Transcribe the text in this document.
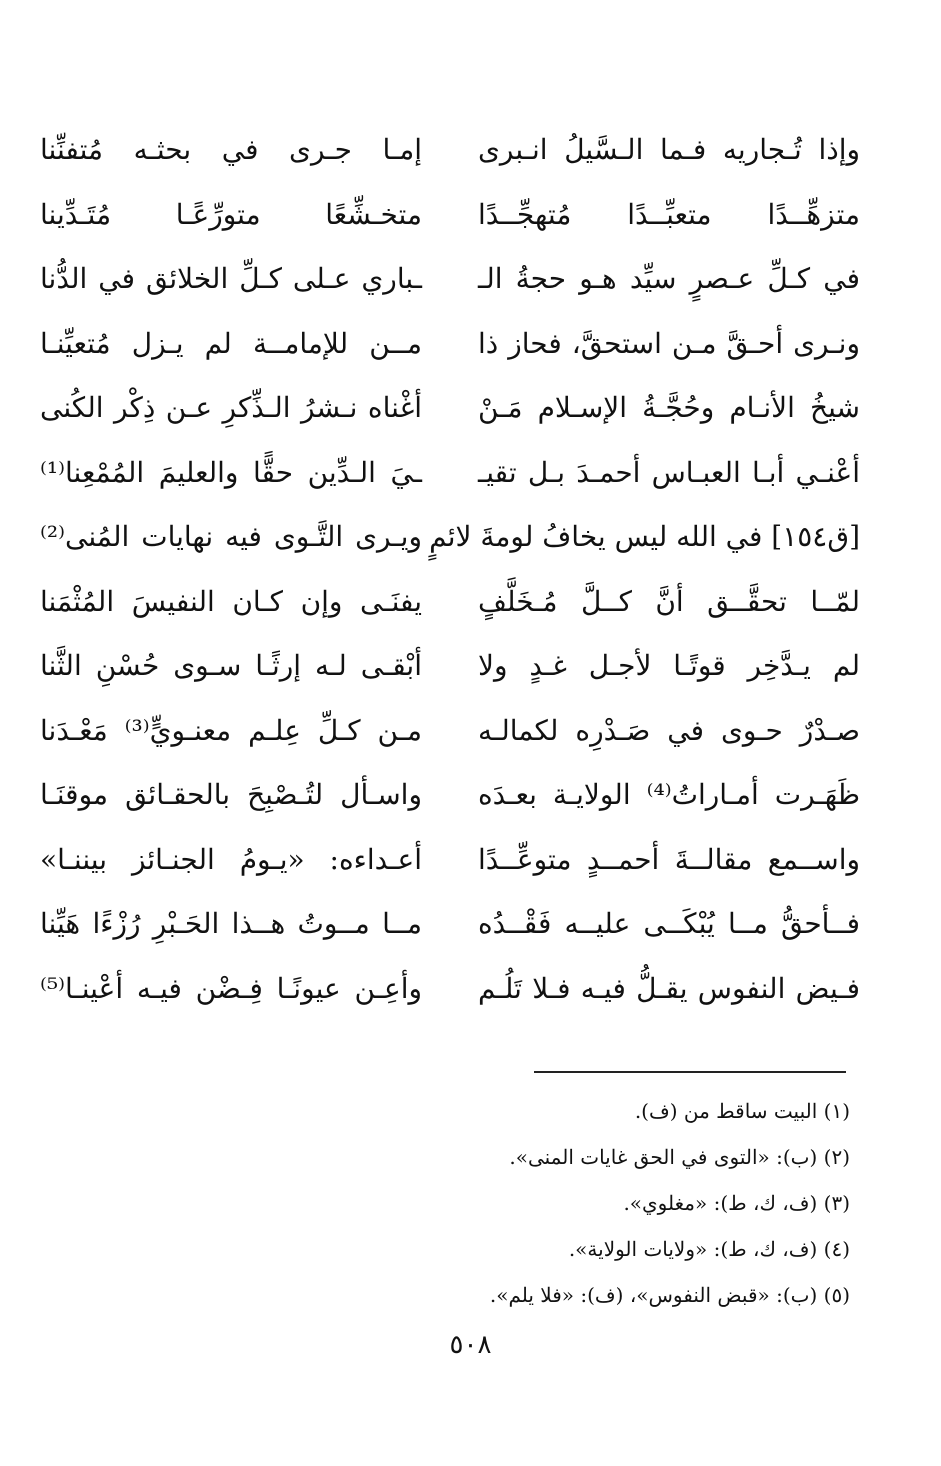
وإذا تُـجاريه فـما الـسَّيلُ انـبرى
إمـا جـرى في بحثـه مُتفنِّنا
متزهِّــدًا متعبِّــدًا مُتهجِّــدًا
متخـشِّعًا متورِّعًـا مُتَـدِّينا
في كـلِّ عـصرٍ سيِّد هـو حجةُ الـ
ـباري عـلى كـلِّ الخلائق في الدُّنا
ونـرى أحـقَّ مـن استحقَّ، فحاز ذا
مــن للإمامــة لم يـزل مُتعيِّنـا
شيخُ الأنـام وحُجَّـةُ الإسـلام مَـنْ
أغْناه نـشرُ الـذِّكرِ عـن ذِكْر الكُنى
أعْنـي أبـا العبـاس أحمـدَ بـل تقيـ
ـيَ الـدِّين حقًّا والعليمَ المُمْعِنا⁽¹⁾
[ق١٥٤] في الله ليس يخافُ لومةَ لائمٍ
ويـرى التَّـوى فيه نهايات المُنى⁽²⁾
لمّــا تحقَّــق أنَّ كــلَّ مُـخَلَّفٍ
يفنَـى وإن كـان النفيسَ المُثْمَنا
لم يـدَّخِر قوتًـا لأجـل غـدٍ ولا
أبْقـى لـه إرثًـا سـوى حُسْنِ الثَّنا
صـدْرٌ حـوى في صَـدْرِه لكمالـه
مـن كـلِّ عِلـم معنـويٍّ⁽³⁾ مَعْـدَنا
ظَهَـرت أمـاراتُ⁽⁴⁾ الولايـة بعـدَه
واسـأل لتُـصْبِحَ بالحقـائق موقنَـا
واســمع مقالــةَ أحمــدٍ متوعِّــدًا
أعـداءه: «يـومُ الجنـائز بيننـا»
فــأحقُّ مــا يُبْكَــى عليــه فَقْــدُه
مــا مــوتُ هــذا الحَـبْرِ رُزْءًا هَيِّنا
فـيض النفوس يقـلُّ فيـه فـلا تَلُـم
وأعِـن عيونًـا فِـضْن فيـه أعْينـا⁽⁵⁾
(١) البيت ساقط من (ف).
(٢) (ب): «التوى في الحق غايات المنى».
(٣) (ف، ك، ط): «مغلوي».
(٤) (ف، ك، ط): «ولايات الولاية».
(٥) (ب): «قبض النفوس»، (ف): «فلا يلم».
٥٠٨
